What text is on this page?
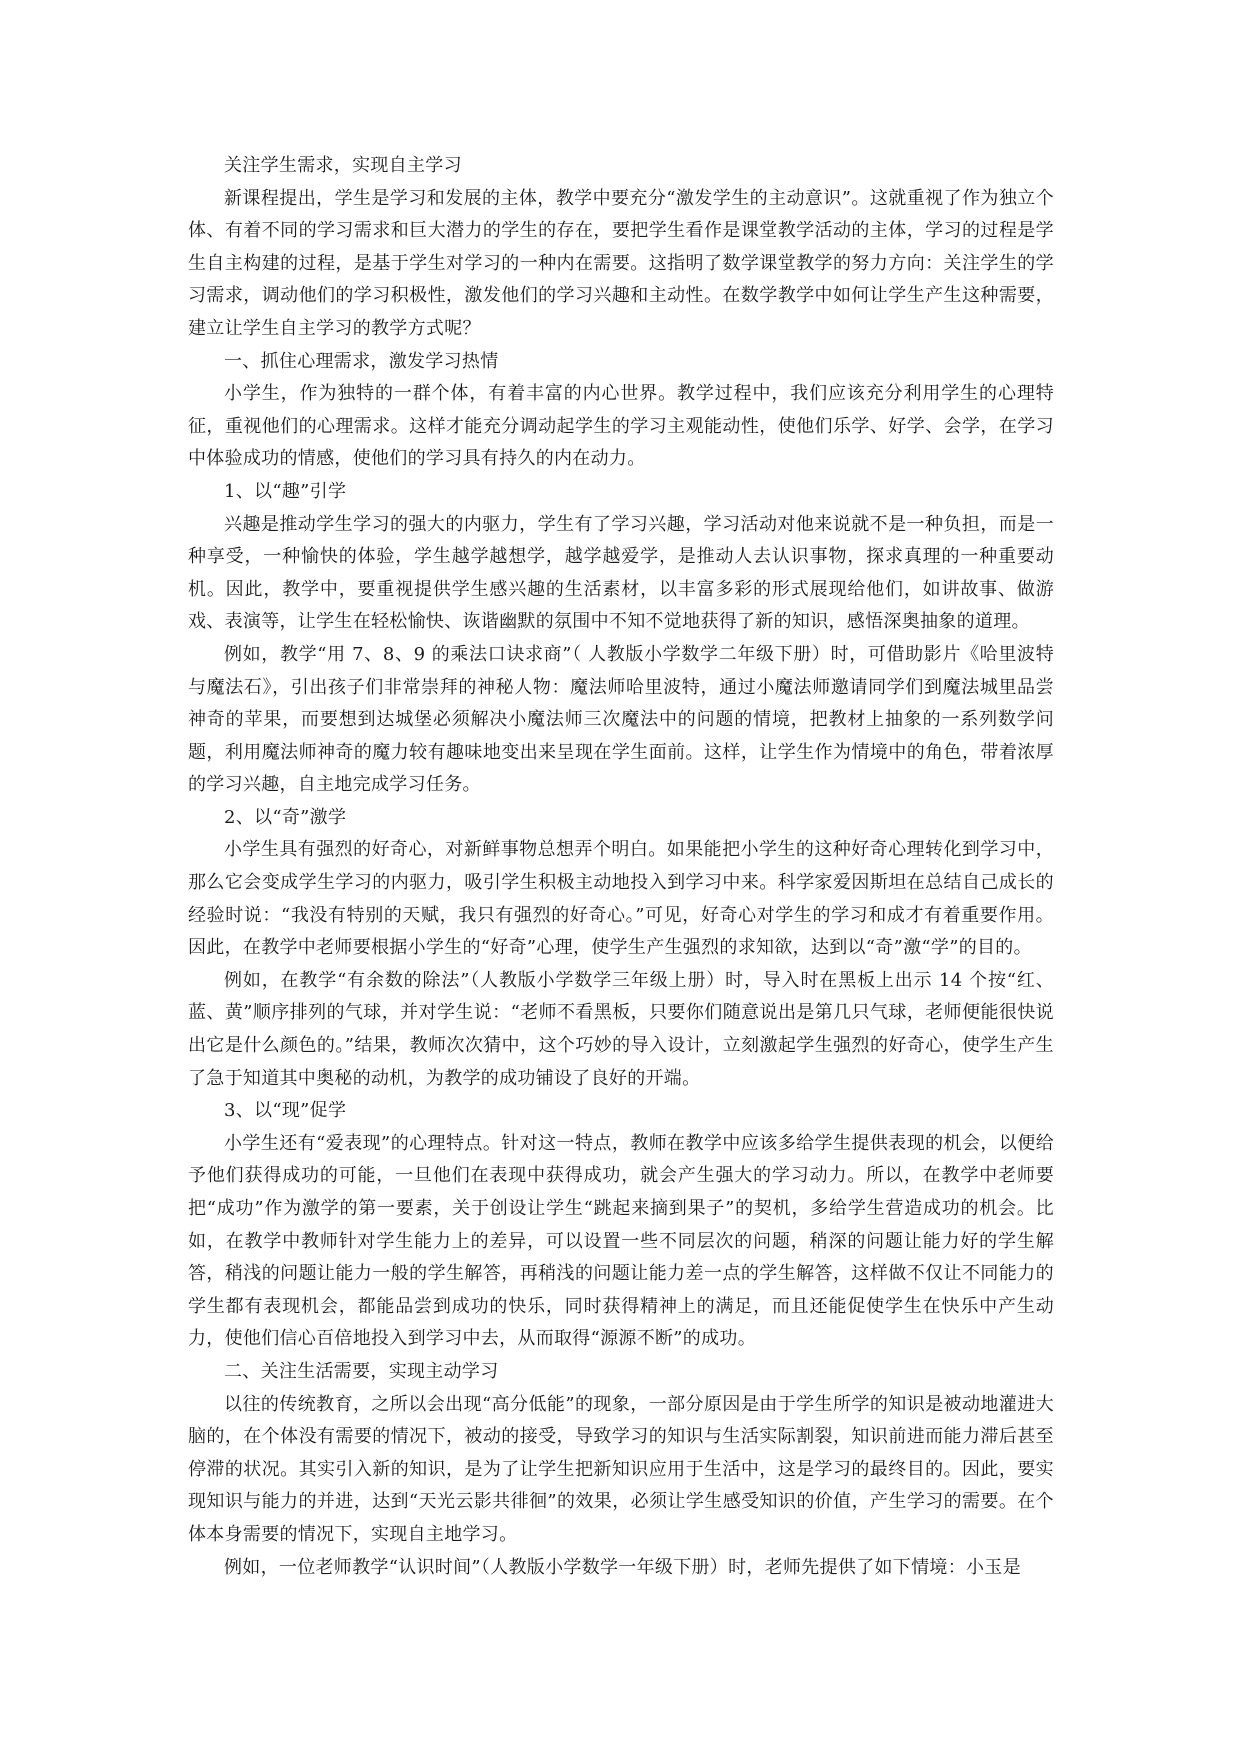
关注学生需求，实现自主学习

新课程提出，学生是学习和发展的主体，教学中要充分“激发学生的主动意识”。这就重视了作为独立个体、有着不同的学习需求和巨大潜力的学生的存在，要把学生看作是课堂教学活动的主体，学习的过程是学生自主构建的过程，是基于学生对学习的一种内在需要。这指明了数学课堂教学的努力方向：关注学生的学习需求，调动他们的学习积极性，激发他们的学习兴趣和主动性。在数学教学中如何让学生产生这种需要，建立让学生自主学习的教学方式呢？

一、抓住心理需求，激发学习热情

小学生，作为独特的一群个体，有着丰富的内心世界。教学过程中，我们应该充分利用学生的心理特征，重视他们的心理需求。这样才能充分调动起学生的学习主观能动性，使他们乐学、好学、会学，在学习中体验成功的情感，使他们的学习具有持久的内在动力。

1、以“趣”引学

兴趣是推动学生学习的强大的内驱力，学生有了学习兴趣，学习活动对他来说就不是一种负担，而是一种享受，一种愉快的体验，学生越学越想学，越学越爱学，是推动人去认识事物，探求真理的一种重要动机。因此，教学中，要重视提供学生感兴趣的生活素材，以丰富多彩的形式展现给他们，如讲故事、做游戏、表演等，让学生在轻松愉快、诙谐幽默的氛围中不知不觉地获得了新的知识，感悟深奥抽象的道理。

例如，教学“用 7、8、9 的乘法口诀求商”（ 人教版小学数学二年级下册）时，可借助影片《哈里波特与魔法石》，引出孩子们非常崇拜的神秘人物：魔法师哈里波特，通过小魔法师邀请同学们到魔法城里品尝神奇的苹果，而要想到达城堡必须解决小魔法师三次魔法中的问题的情境，把教材上抽象的一系列数学问题，利用魔法师神奇的魔力较有趣味地变出来呈现在学生面前。这样，让学生作为情境中的角色，带着浓厚的学习兴趣，自主地完成学习任务。

2、以“奇”激学

小学生具有强烈的好奇心，对新鲜事物总想弄个明白。如果能把小学生的这种好奇心理转化到学习中，那么它会变成学生学习的内驱力，吸引学生积极主动地投入到学习中来。科学家爱因斯坦在总结自己成长的经验时说：“我没有特别的天赋，我只有强烈的好奇心。”可见，好奇心对学生的学习和成才有着重要作用。因此，在教学中老师要根据小学生的“好奇”心理，使学生产生强烈的求知欲，达到以“奇”激“学”的目的。

例如，在教学“有余数的除法”（人教版小学数学三年级上册）时，导入时在黑板上出示 14 个按“红、蓝、黄”顺序排列的气球，并对学生说：“老师不看黑板，只要你们随意说出是第几只气球，老师便能很快说出它是什么颜色的。”结果，教师次次猜中，这个巧妙的导入设计，立刻激起学生强烈的好奇心，使学生产生了急于知道其中奥秘的动机，为教学的成功铺设了良好的开端。

3、以“现”促学

小学生还有“爱表现”的心理特点。针对这一特点，教师在教学中应该多给学生提供表现的机会，以便给予他们获得成功的可能，一旦他们在表现中获得成功，就会产生强大的学习动力。所以，在教学中老师要把“成功”作为激学的第一要素，关于创设让学生“跳起来摘到果子”的契机，多给学生营造成功的机会。比如，在教学中教师针对学生能力上的差异，可以设置一些不同层次的问题，稍深的问题让能力好的学生解答，稍浅的问题让能力一般的学生解答，再稍浅的问题让能力差一点的学生解答，这样做不仅让不同能力的学生都有表现机会，都能品尝到成功的快乐，同时获得精神上的满足，而且还能促使学生在快乐中产生动力，使他们信心百倍地投入到学习中去，从而取得“源源不断”的成功。

二、关注生活需要，实现主动学习

以往的传统教育，之所以会出现“高分低能”的现象，一部分原因是由于学生所学的知识是被动地灌进大脑的，在个体没有需要的情况下，被动的接受，导致学习的知识与生活实际割裂，知识前进而能力滞后甚至停滞的状况。其实引入新的知识，是为了让学生把新知识应用于生活中，这是学习的最终目的。因此，要实现知识与能力的并进，达到“天光云影共徘徊”的效果，必须让学生感受知识的价值，产生学习的需要。在个体本身需要的情况下，实现自主地学习。

例如，一位老师教学“认识时间”（人教版小学数学一年级下册）时，老师先提供了如下情境：小玉是
